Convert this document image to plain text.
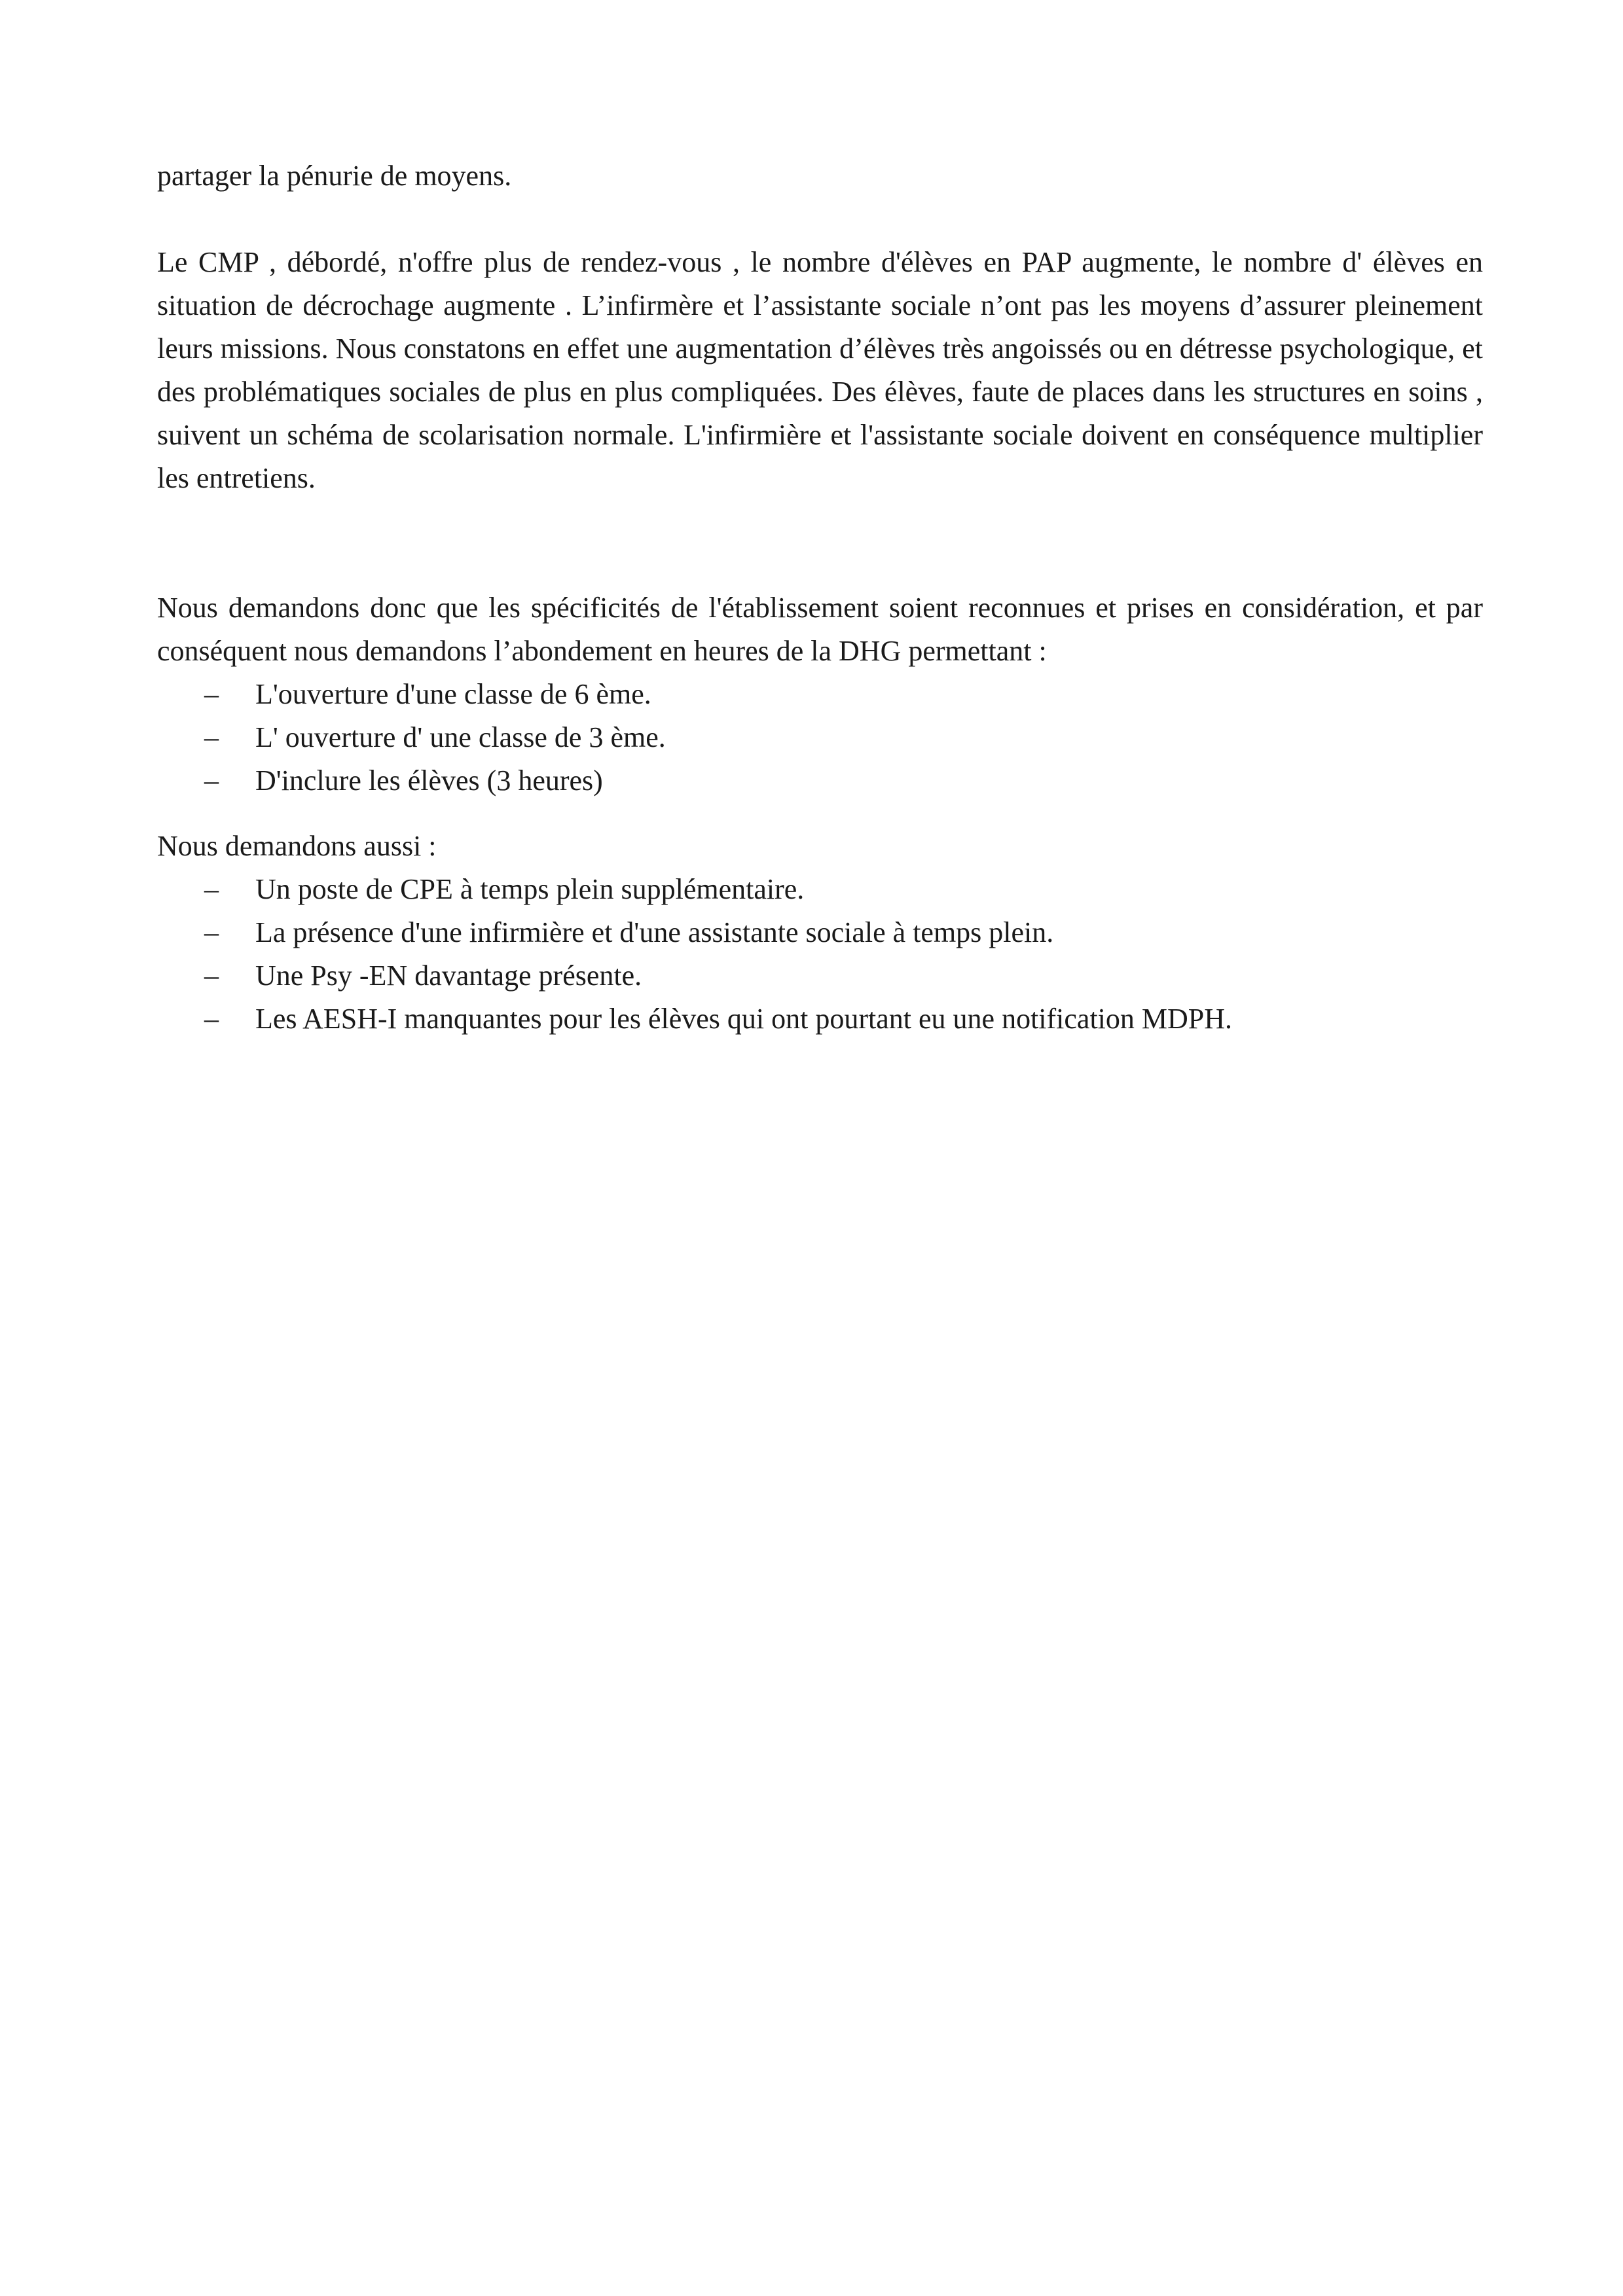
partager la pénurie de moyens.

Le CMP , débordé, n'offre plus de rendez-vous , le nombre d'élèves en PAP augmente, le nombre d' élèves en situation de décrochage augmente . L’infirmère et l’assistante sociale n’ont pas les moyens d’assurer pleinement leurs missions. Nous constatons en effet une augmentation d’élèves très angoissés ou en détresse psychologique, et des problématiques sociales de plus en plus compliquées. Des élèves, faute de places dans les structures en soins , suivent un schéma de scolarisation normale. L'infirmière et l'assistante sociale doivent en conséquence multiplier les entretiens.

Nous demandons donc que les spécificités de l'établissement soient reconnues et prises en considération, et par conséquent nous demandons l’abondement en heures de la DHG permettant :

– L'ouverture d'une classe de 6 ème.
– L' ouverture d' une classe de 3 ème.
– D'inclure les élèves (3 heures)

Nous demandons aussi :

– Un poste de CPE à temps plein supplémentaire.
– La présence d'une infirmière et d'une assistante sociale à temps plein.
– Une Psy -EN davantage présente.
– Les AESH-I manquantes pour les élèves qui ont pourtant eu une notification MDPH.
